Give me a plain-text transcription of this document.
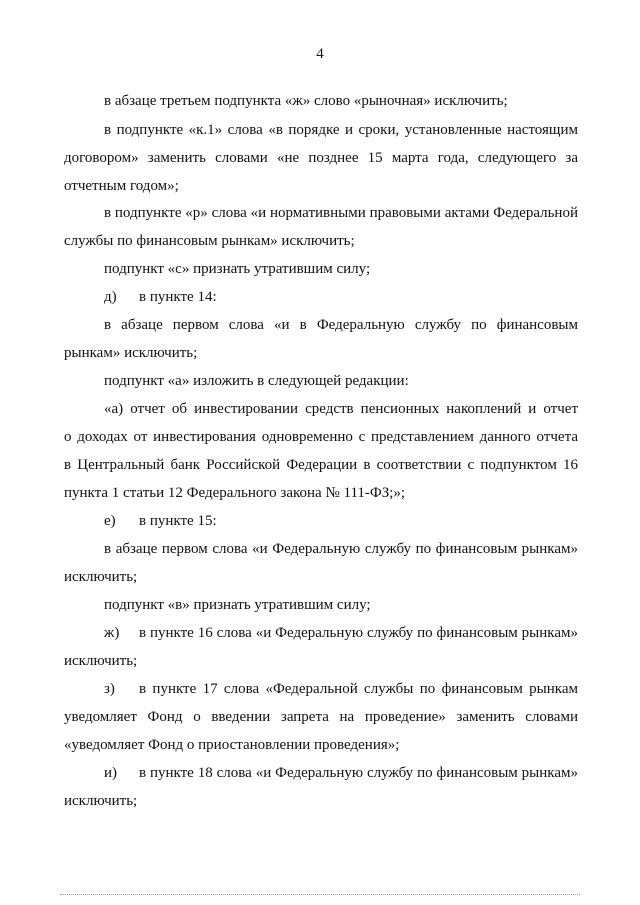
4
в абзаце третьем подпункта «ж» слово «рыночная» исключить;
в подпункте «к.1» слова «в порядке и сроки, установленные настоящим
договором» заменить словами «не позднее 15 марта года, следующего за
отчетным годом»;
в подпункте «р» слова «и нормативными правовыми актами Федеральной
службы по финансовым рынкам» исключить;
подпункт «с» признать утратившим силу;
д) в пункте 14:
в абзаце первом слова «и в Федеральную службу по финансовым
рынкам» исключить;
подпункт «а» изложить в следующей редакции:
«а) отчет об инвестировании средств пенсионных накоплений и отчет
о доходах от инвестирования одновременно с представлением данного отчета
в Центральный банк Российской Федерации в соответствии с подпунктом 16
пункта 1 статьи 12 Федерального закона № 111-ФЗ;»;
е) в пункте 15:
в абзаце первом слова «и Федеральную службу по финансовым рынкам»
исключить;
подпункт «в» признать утратившим силу;
ж) в пункте 16 слова «и Федеральную службу по финансовым рынкам»
исключить;
з) в пункте 17 слова «Федеральной службы по финансовым рынкам
уведомляет Фонд о введении запрета на проведение» заменить словами
«уведомляет Фонд о приостановлении проведения»;
и) в пункте 18 слова «и Федеральную службу по финансовым рынкам»
исключить;
